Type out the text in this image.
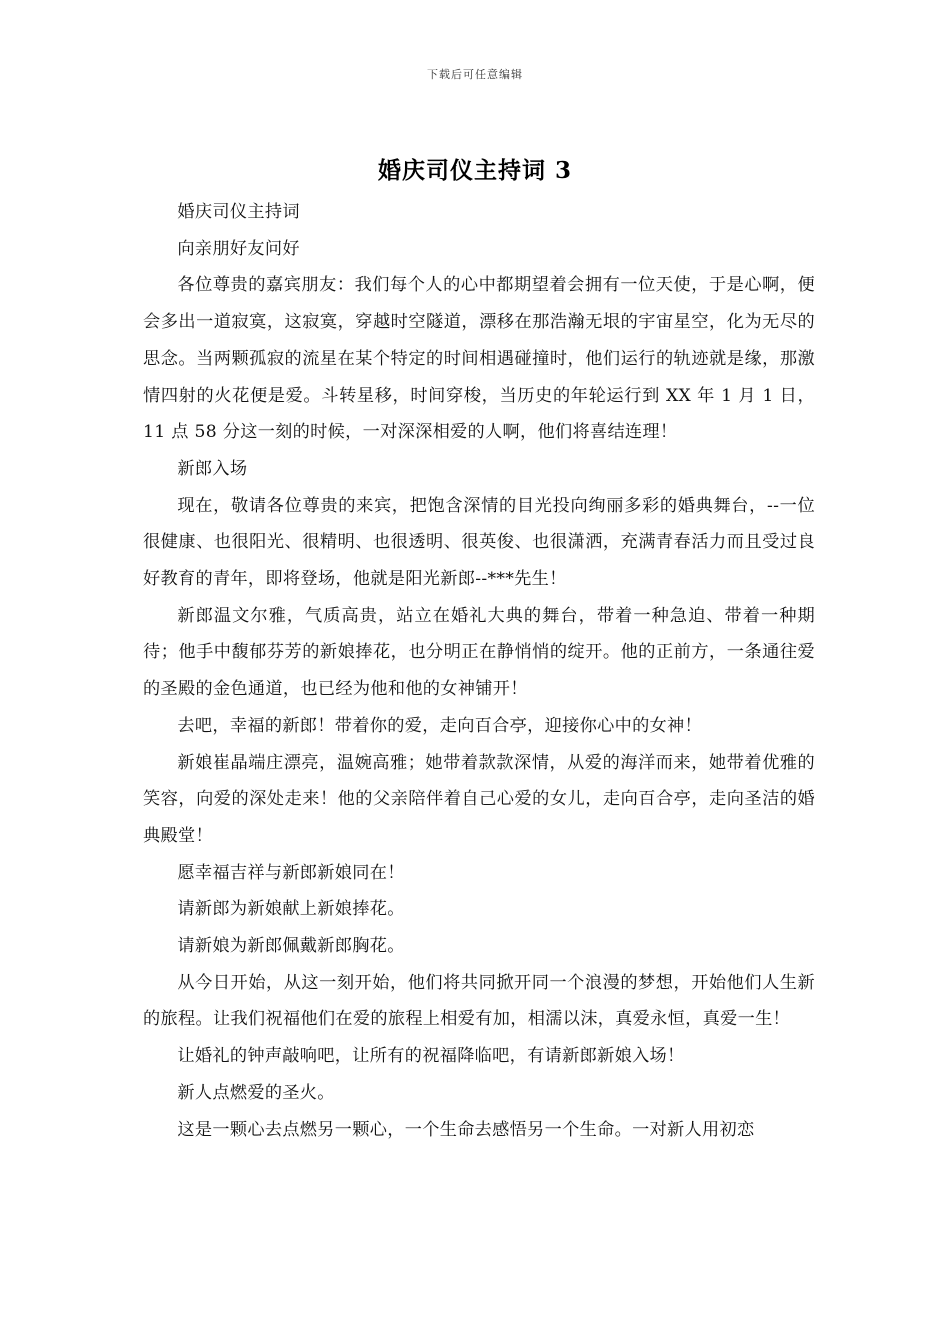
下载后可任意编辑
婚庆司仪主持词 3

婚庆司仪主持词

向亲朋好友问好

各位尊贵的嘉宾朋友：我们每个人的心中都期望着会拥有一位天使，于是心啊，便会多出一道寂寞，这寂寞，穿越时空隧道，漂移在那浩瀚无垠的宇宙星空，化为无尽的思念。当两颗孤寂的流星在某个特定的时间相遇碰撞时，他们运行的轨迹就是缘，那激情四射的火花便是爱。斗转星移，时间穿梭，当历史的年轮运行到 XX 年 1 月 1 日，11 点 58 分这一刻的时候，一对深深相爱的人啊，他们将喜结连理！

新郎入场

现在，敬请各位尊贵的来宾，把饱含深情的目光投向绚丽多彩的婚典舞台，--一位很健康、也很阳光、很精明、也很透明、很英俊、也很潇洒，充满青春活力而且受过良好教育的青年，即将登场，他就是阳光新郎--***先生！

新郎温文尔雅，气质高贵，站立在婚礼大典的舞台，带着一种急迫、带着一种期待；他手中馥郁芬芳的新娘捧花，也分明正在静悄悄的绽开。他的正前方，一条通往爱的圣殿的金色通道，也已经为他和他的女神铺开！

去吧，幸福的新郎！带着你的爱，走向百合亭，迎接你心中的女神！

新娘崔晶端庄漂亮，温婉高雅；她带着款款深情，从爱的海洋而来，她带着优雅的笑容，向爱的深处走来！他的父亲陪伴着自己心爱的女儿，走向百合亭，走向圣洁的婚典殿堂！

愿幸福吉祥与新郎新娘同在！

请新郎为新娘献上新娘捧花。

请新娘为新郎佩戴新郎胸花。

从今日开始，从这一刻开始，他们将共同掀开同一个浪漫的梦想，开始他们人生新的旅程。让我们祝福他们在爱的旅程上相爱有加，相濡以沫，真爱永恒，真爱一生！

让婚礼的钟声敲响吧，让所有的祝福降临吧，有请新郎新娘入场！

新人点燃爱的圣火。

这是一颗心去点燃另一颗心，一个生命去感悟另一个生命。一对新人用初恋
